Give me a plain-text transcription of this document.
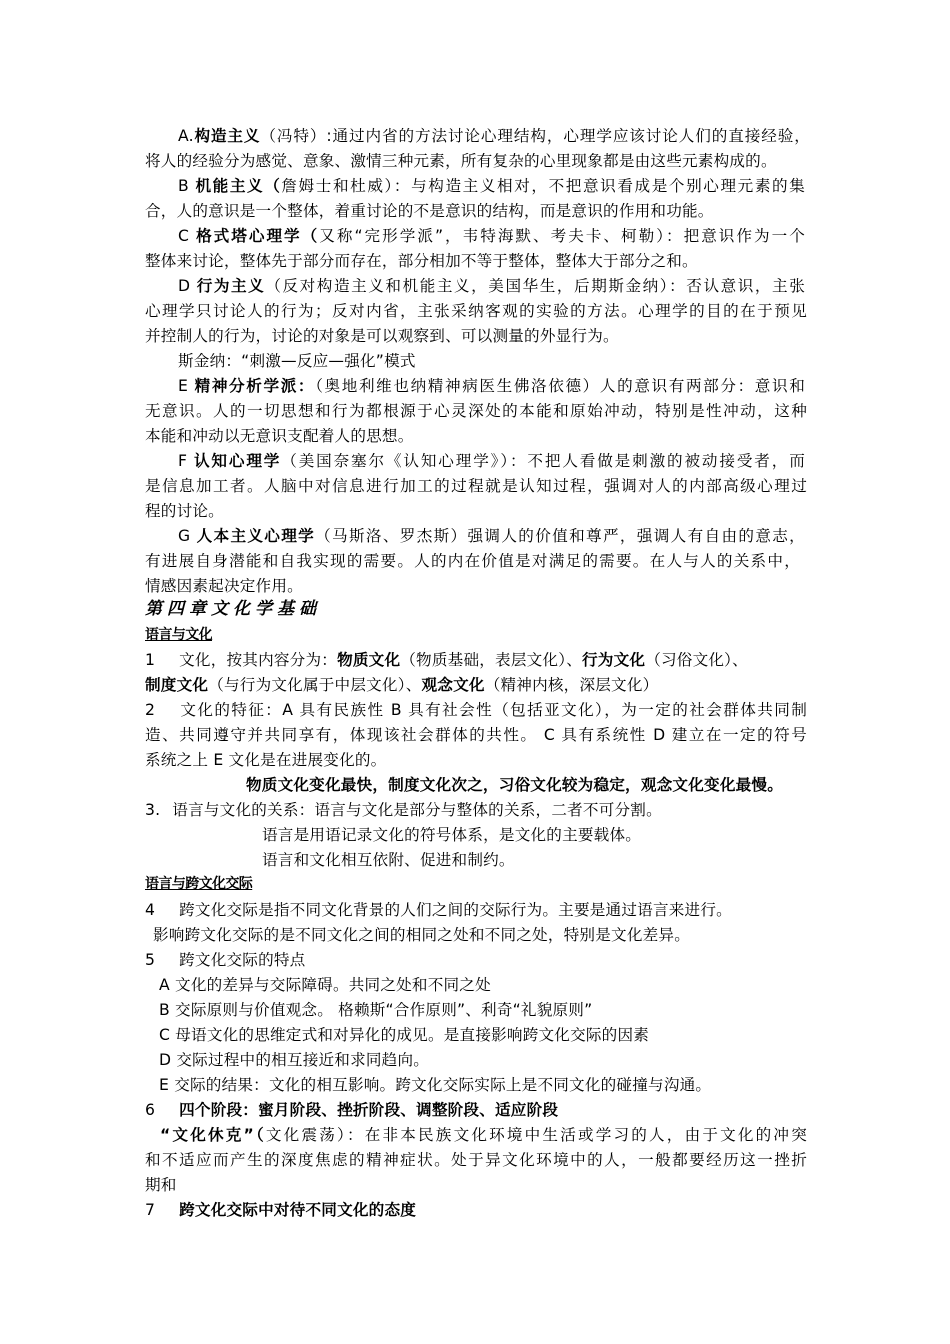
A.构造主义（冯特）:通过内省的方法讨论心理结构，心理学应该讨论人们的直接经验，
将人的经验分为感觉、意象、激情三种元素，所有复杂的心里现象都是由这些元素构成的。
B 机能主义（詹姆士和杜威）：与构造主义相对，不把意识看成是个别心理元素的集
合，人的意识是一个整体，着重讨论的不是意识的结构，而是意识的作用和功能。
C 格式塔心理学（又称“完形学派”，韦特海默、考夫卡、柯勒）：把意识作为一个
整体来讨论，整体先于部分而存在，部分相加不等于整体，整体大于部分之和。
D 行为主义（反对构造主义和机能主义，美国华生，后期斯金纳）：否认意识，主张
心理学只讨论人的行为；反对内省，主张采纳客观的实验的方法。心理学的目的在于预见
并控制人的行为，讨论的对象是可以观察到、可以测量的外显行为。
斯金纳：“刺激—反应—强化”模式
E 精神分析学派：（奥地利维也纳精神病医生佛洛依德）人的意识有两部分：意识和
无意识。人的一切思想和行为都根源于心灵深处的本能和原始冲动，特别是性冲动，这种
本能和冲动以无意识支配着人的思想。
F 认知心理学（美国奈塞尔《认知心理学》）：不把人看做是刺激的被动接受者，而
是信息加工者。人脑中对信息进行加工的过程就是认知过程，强调对人的内部高级心理过
程的讨论。
G 人本主义心理学（马斯洛、罗杰斯）强调人的价值和尊严，强调人有自由的意志，
有进展自身潜能和自我实现的需要。人的内在价值是对满足的需要。在人与人的关系中，
情感因素起决定作用。
第四章文化学基础
语言与文化
1 文化，按其内容分为：物质文化（物质基础，表层文化）、行为文化（习俗文化）、
制度文化（与行为文化属于中层文化）、观念文化（精神内核，深层文化）
2 文化的特征：A 具有民族性 B 具有社会性（包括亚文化），为一定的社会群体共同制
造、共同遵守并共同享有，体现该社会群体的共性。 C 具有系统性 D 建立在一定的符号
系统之上 E 文化是在进展变化的。
物质文化变化最快，制度文化次之，习俗文化较为稳定，观念文化变化最慢。
3. 语言与文化的关系：语言与文化是部分与整体的关系，二者不可分割。
语言是用语记录文化的符号体系，是文化的主要载体。
语言和文化相互依附、促进和制约。
语言与跨文化交际
4 跨文化交际是指不同文化背景的人们之间的交际行为。主要是通过语言来进行。
影响跨文化交际的是不同文化之间的相同之处和不同之处，特别是文化差异。
5 跨文化交际的特点
A 文化的差异与交际障碍。共同之处和不同之处
B 交际原则与价值观念。 格赖斯“合作原则”、利奇“礼貌原则”
C 母语文化的思维定式和对异化的成见。是直接影响跨文化交际的因素
D 交际过程中的相互接近和求同趋向。
E 交际的结果：文化的相互影响。跨文化交际实际上是不同文化的碰撞与沟通。
6 四个阶段：蜜月阶段、挫折阶段、调整阶段、适应阶段
“文化休克”（文化震荡）：在非本民族文化环境中生活或学习的人，由于文化的冲突
和不适应而产生的深度焦虑的精神症状。处于异文化环境中的人，一般都要经历这一挫折
期和
7 跨文化交际中对待不同文化的态度
